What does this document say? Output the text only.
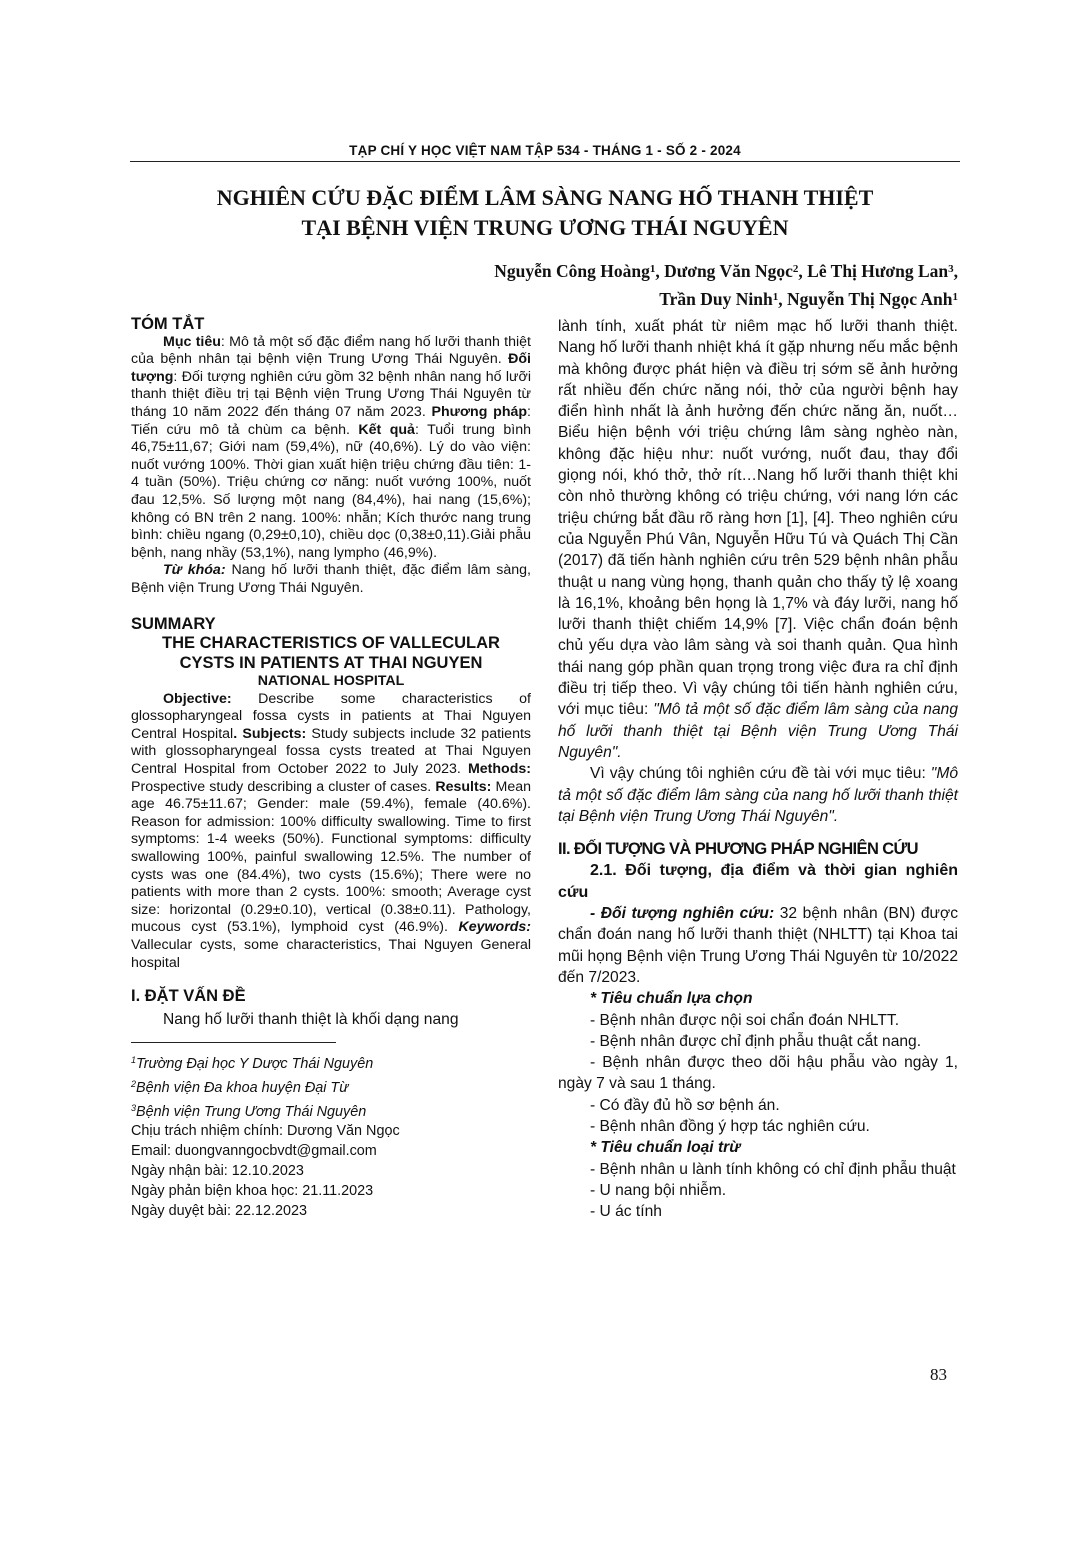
TẠP CHÍ Y HỌC VIỆT NAM TẬP 534 - THÁNG 1 - SỐ 2 - 2024
NGHIÊN CỨU ĐẶC ĐIỂM LÂM SÀNG NANG HỐ THANH THIỆT
TẠI BỆNH VIỆN TRUNG ƯƠNG THÁI NGUYÊN
Nguyễn Công Hoàng$^1$, Dương Văn Ngọc$^2$, Lê Thị Hương Lan$^3$,
Trần Duy Ninh$^1$, Nguyễn Thị Ngọc Anh$^1$
TÓM TẮT

Mục tiêu: Mô tả một số đặc điểm nang hố lưỡi thanh thiệt của bệnh nhân tại bệnh viện Trung Ương Thái Nguyên. Đối tượng: Đối tượng nghiên cứu gồm 32 bệnh nhân nang hố lưỡi thanh thiệt điều trị tại Bệnh viện Trung Ương Thái Nguyên từ tháng 10 năm 2022 đến tháng 07 năm 2023. Phương pháp: Tiến cứu mô tả chùm ca bệnh. Kết quả: Tuổi trung bình 46,75±11,67; Giới nam (59,4%), nữ (40,6%). Lý do vào viện: nuốt vướng 100%. Thời gian xuất hiện triệu chứng đầu tiên: 1-4 tuần (50%). Triệu chứng cơ năng: nuốt vướng 100%, nuốt đau 12,5%. Số lượng một nang (84,4%), hai nang (15,6%); không có BN trên 2 nang. 100%: nhẵn; Kích thước nang trung bình: chiều ngang (0,29±0,10), chiều dọc (0,38±0,11).Giải phẫu bệnh, nang nhầy (53,1%), nang lympho (46,9%).

Từ khóa: Nang hố lưỡi thanh thiệt, đặc điểm lâm sàng, Bệnh viện Trung Ương Thái Nguyên.

SUMMARY
THE CHARACTERISTICS OF VALLECULAR
CYSTS IN PATIENTS AT THAI NGUYEN
NATIONAL HOSPITAL

Objective: Describe some characteristics of glossopharyngeal fossa cysts in patients at Thai Nguyen Central Hospital. Subjects: Study subjects include 32 patients with glossopharyngeal fossa cysts treated at Thai Nguyen Central Hospital from October 2022 to July 2023. Methods: Prospective study describing a cluster of cases. Results: Mean age 46.75±11.67; Gender: male (59.4%), female (40.6%). Reason for admission: 100% difficulty swallowing. Time to first symptoms: 1-4 weeks (50%). Functional symptoms: difficulty swallowing 100%, painful swallowing 12.5%. The number of cysts was one (84.4%), two cysts (15.6%); There were no patients with more than 2 cysts. 100%: smooth; Average cyst size: horizontal (0.29±0.10), vertical (0.38±0.11). Pathology, mucous cyst (53.1%), lymphoid cyst (46.9%). Keywords: Vallecular cysts, some characteristics, Thai Nguyen General hospital

I. ĐẶT VẤN ĐỀ

Nang hố lưỡi thanh thiệt là khối dạng nang

$^1$Trường Đại học Y Dược Thái Nguyên

$^2$Bệnh viện Đa khoa huyện Đại Từ

$^3$Bệnh viện Trung Ương Thái Nguyên

Chịu trách nhiệm chính: Dương Văn Ngọc

Email: duongvanngocbvdt@gmail.com

Ngày nhận bài: 12.10.2023

Ngày phản biện khoa học: 21.11.2023

Ngày duyệt bài: 22.12.2023

lành tính, xuất phát từ niêm mạc hố lưỡi thanh thiệt. Nang hố lưỡi thanh nhiệt khá ít gặp nhưng nếu mắc bệnh mà không được phát hiện và điều trị sớm sẽ ảnh hưởng rất nhiều đến chức năng nói, thở của người bệnh hay điển hình nhất là ảnh hưởng đến chức năng ăn, nuốt… Biểu hiện bệnh với triệu chứng lâm sàng nghèo nàn, không đặc hiệu như: nuốt vướng, nuốt đau, thay đổi giọng nói, khó thở, thở rít…Nang hố lưỡi thanh thiệt khi còn nhỏ thường không có triệu chứng, với nang lớn các triệu chứng bắt đầu rõ ràng hơn [1], [4]. Theo nghiên cứu của Nguyễn Phú Vân, Nguyễn Hữu Tú và Quách Thị Cần (2017) đã tiến hành nghiên cứu trên 529 bệnh nhân phẫu thuật u nang vùng họng, thanh quản cho thấy tỷ lệ xoang là 16,1%, khoảng bên họng là 1,7% và đáy lưỡi, nang hố lưỡi thanh thiệt chiếm 14,9% [7]. Việc chẩn đoán bệnh chủ yếu dựa vào lâm sàng và soi thanh quản. Qua hình thái nang góp phần quan trọng trong việc đưa ra chỉ định điều trị tiếp theo. Vì vậy chúng tôi tiến hành nghiên cứu, với mục tiêu: "Mô tả một số đặc điểm lâm sàng của nang hố lưỡi thanh thiệt tại Bệnh viện Trung Ương Thái Nguyên".

Vì vậy chúng tôi nghiên cứu đề tài với mục tiêu: "Mô tả một số đặc điểm lâm sàng của nang hố lưỡi thanh thiệt tại Bệnh viện Trung Ương Thái Nguyên".

II. ĐỐI TƯỢNG VÀ PHƯƠNG PHÁP NGHIÊN CỨU

2.1. Đối tượng, địa điểm và thời gian nghiên cứu

- Đối tượng nghiên cứu: 32 bệnh nhân (BN) được chẩn đoán nang hố lưỡi thanh thiệt (NHLTT) tại Khoa tai mũi họng Bệnh viện Trung Ương Thái Nguyên từ 10/2022 đến 7/2023.

* Tiêu chuẩn lựa chọn

- Bệnh nhân được nội soi chẩn đoán NHLTT.

- Bệnh nhân được chỉ định phẫu thuật cắt nang.

- Bệnh nhân được theo dõi hậu phẫu vào ngày 1, ngày 7 và sau 1 tháng.

- Có đầy đủ hồ sơ bệnh án.

- Bệnh nhân đồng ý hợp tác nghiên cứu.

* Tiêu chuẩn loại trừ

- Bệnh nhân u lành tính không có chỉ định phẫu thuật

- U nang bội nhiễm.

- U ác tính

83
